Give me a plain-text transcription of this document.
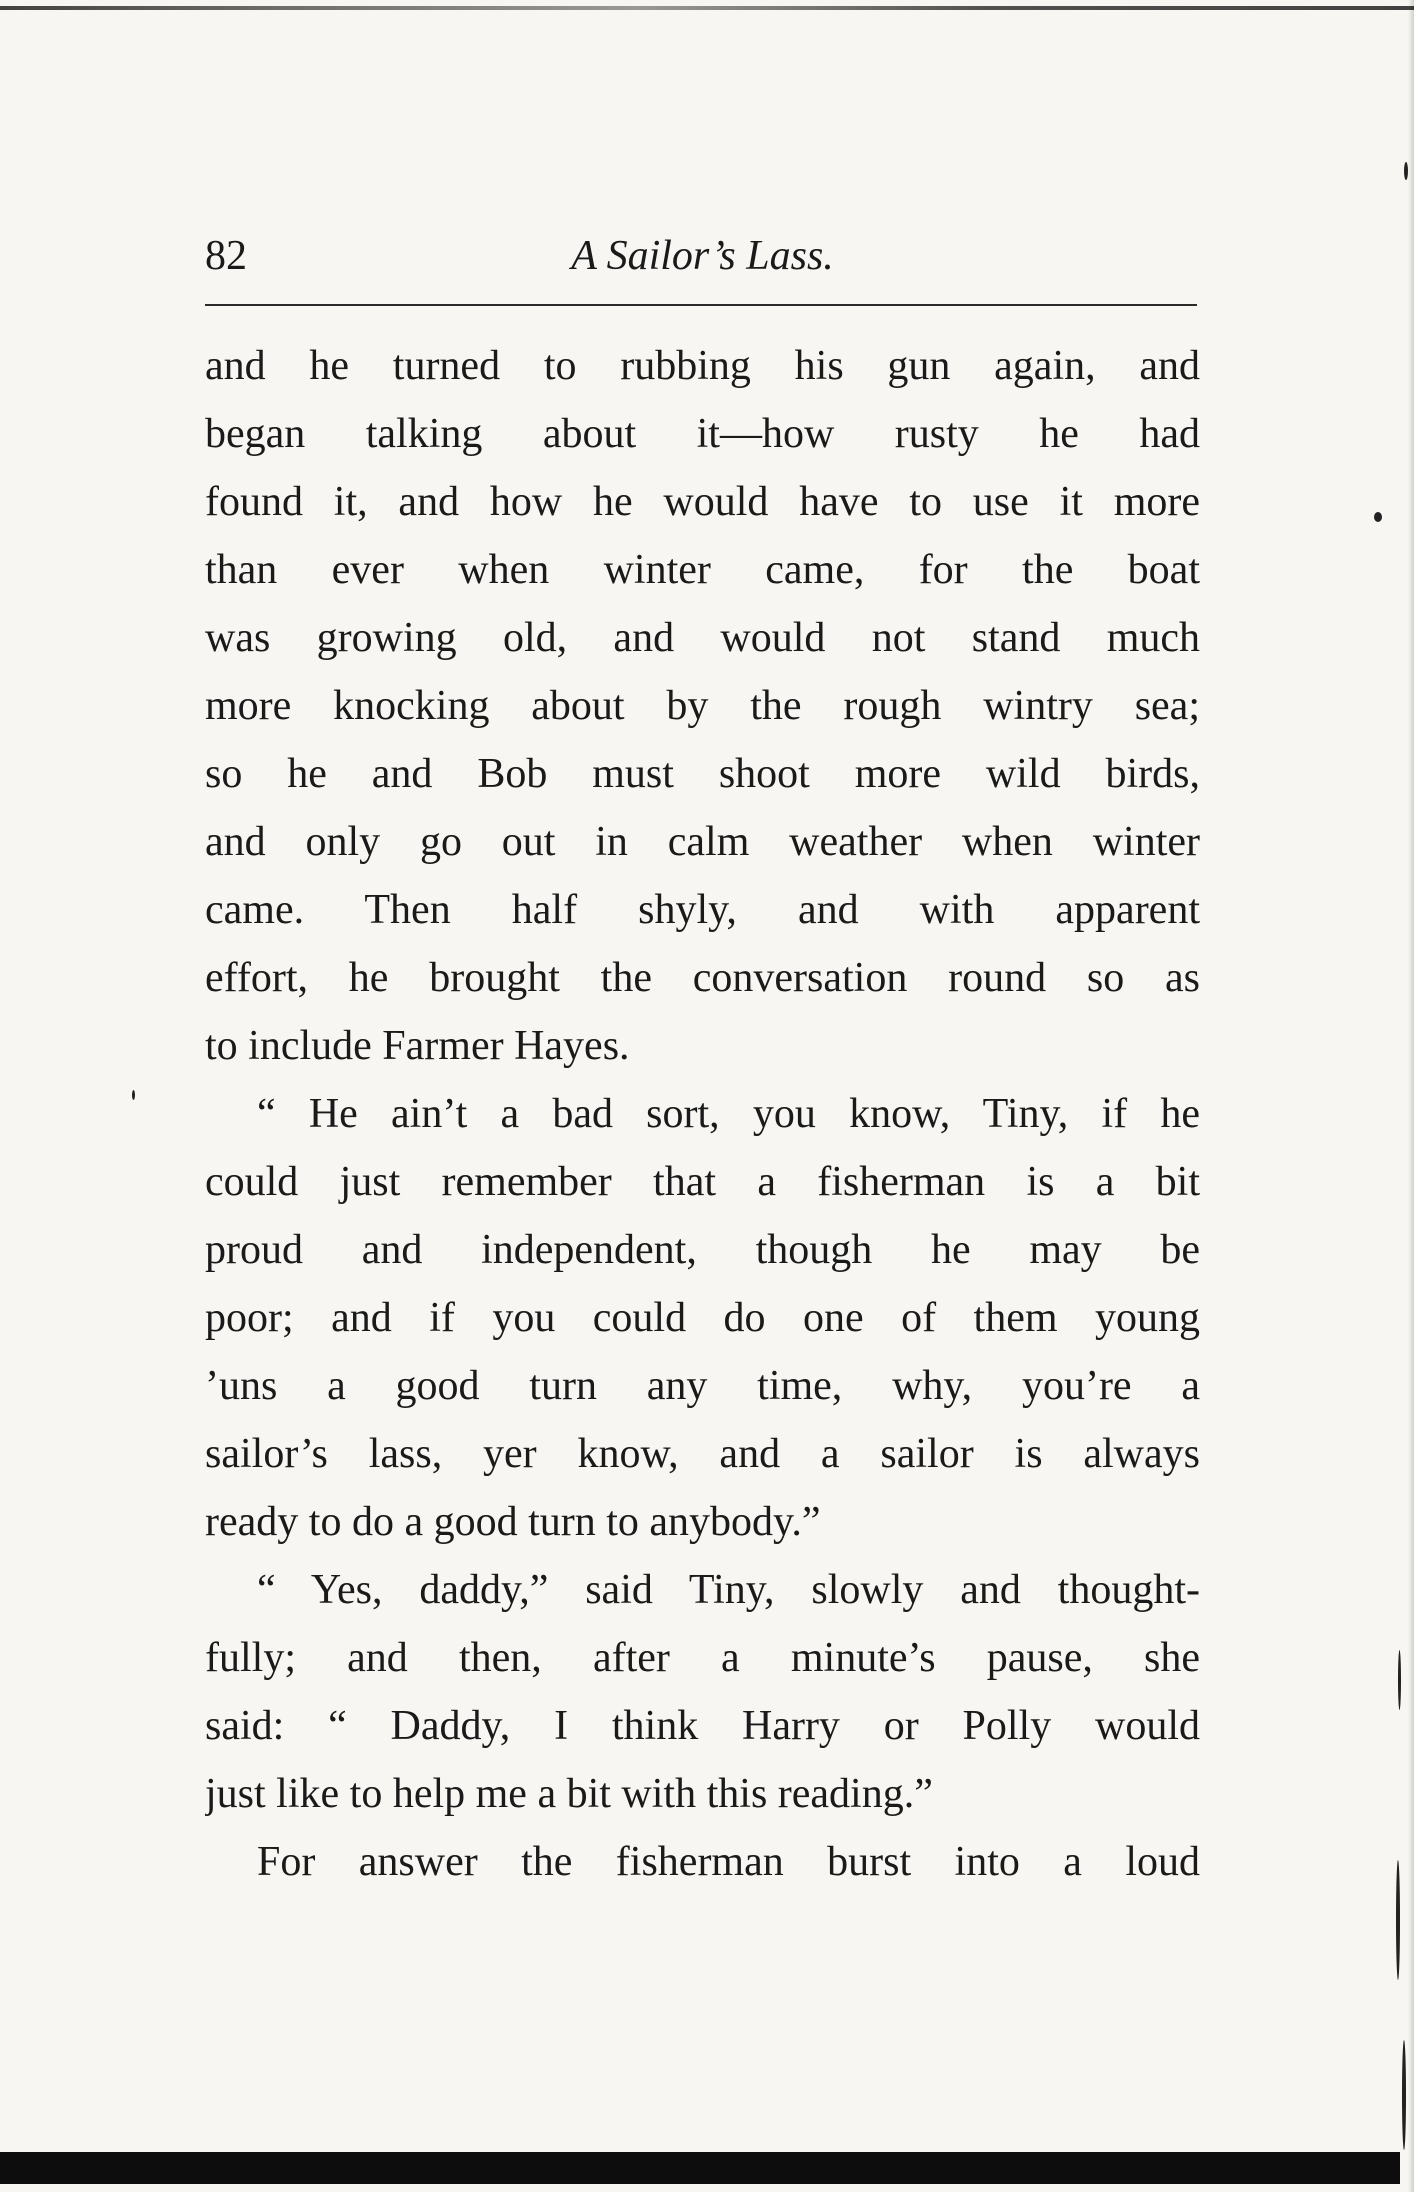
82	A Sailor’s Lass.
and he turned to rubbing his gun again, and
began talking about it—how rusty he had
found it, and how he would have to use it more
than ever when winter came, for the boat
was growing old, and would not stand much
more knocking about by the rough wintry sea;
so he and Bob must shoot more wild birds,
and only go out in calm weather when winter
came. Then half shyly, and with apparent
effort, he brought the conversation round so as
to include Farmer Hayes.
“ He ain’t a bad sort, you know, Tiny, if he
could just remember that a fisherman is a bit
proud and independent, though he may be
poor; and if you could do one of them young
’uns a good turn any time, why, you’re a
sailor’s lass, yer know, and a sailor is always
ready to do a good turn to anybody.”
“ Yes, daddy,” said Tiny, slowly and thought-
fully; and then, after a minute’s pause, she
said: “ Daddy, I think Harry or Polly would
just like to help me a bit with this reading.”
For answer the fisherman burst into a loud
